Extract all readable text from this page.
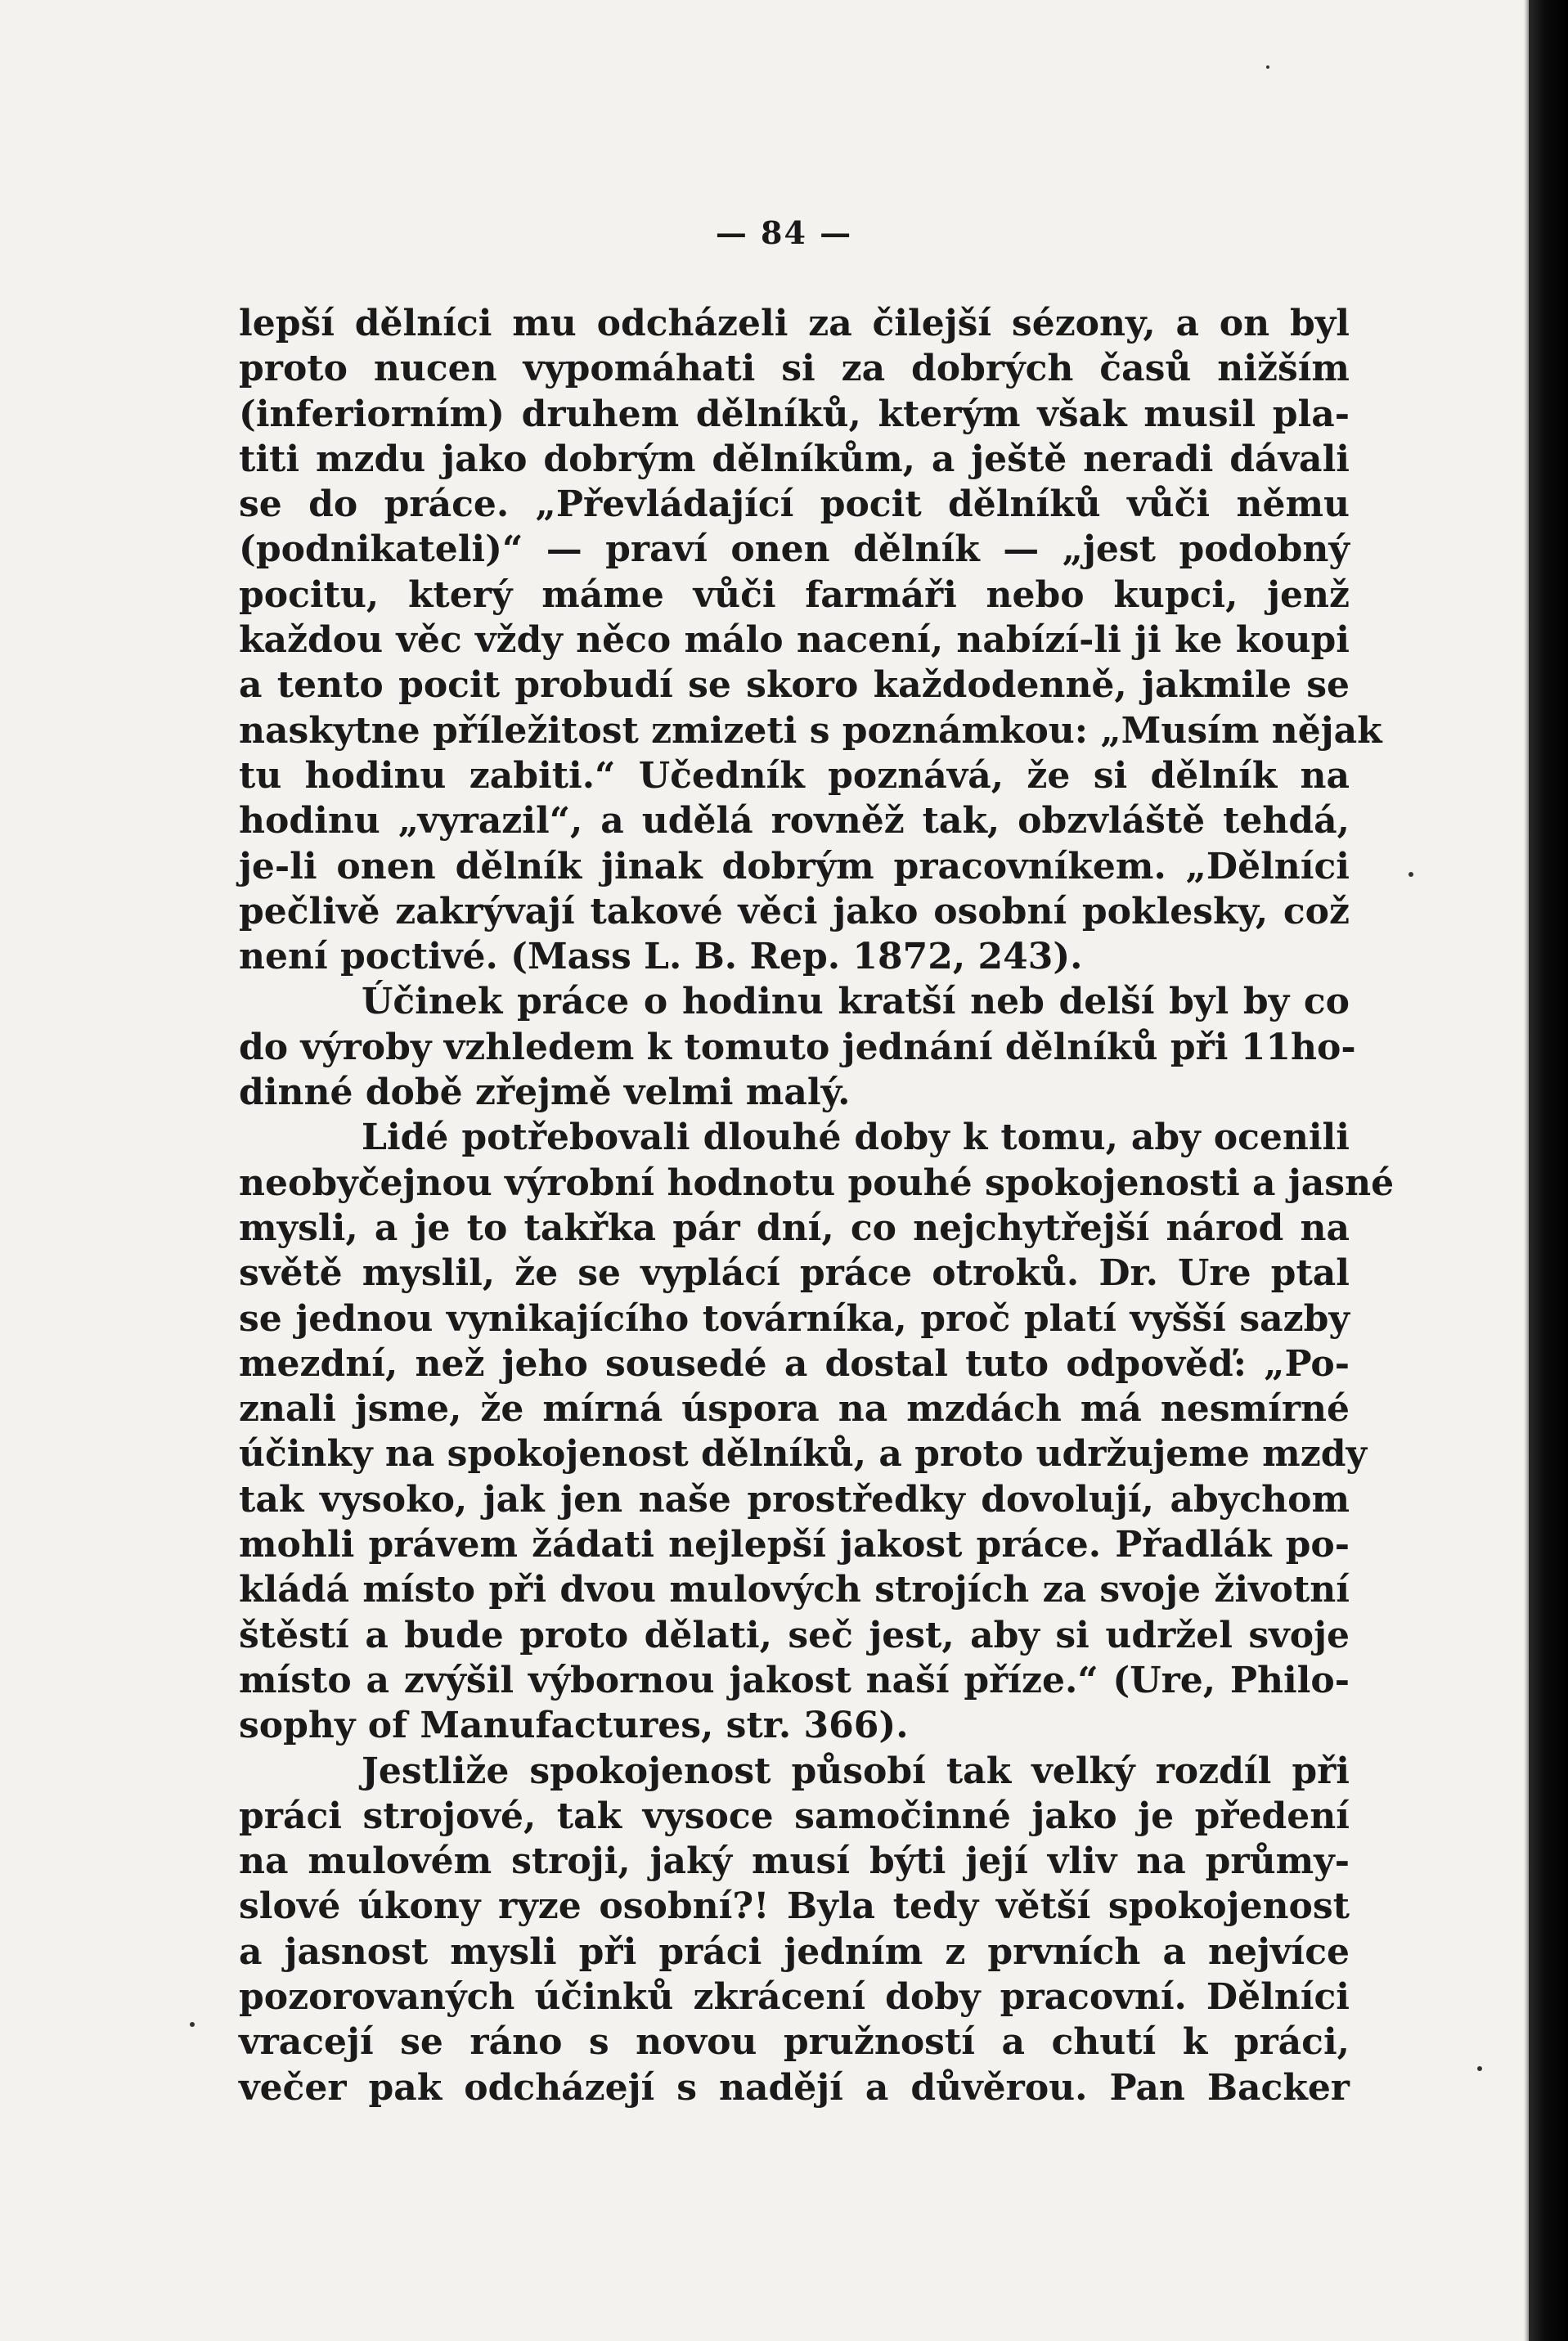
— 84 —
lepší dělníci mu odcházeli za čilejší sézony, a on byl
proto nucen vypomáhati si za dobrých časů nižším
(inferiorním) druhem dělníků, kterým však musil pla-
titi mzdu jako dobrým dělníkům, a ještě neradi dávali
se do práce. „Převládající pocit dělníků vůči němu
(podnikateli)“ — praví onen dělník — „jest podobný
pocitu, který máme vůči farmáři nebo kupci, jenž
každou věc vždy něco málo nacení, nabízí-li ji ke koupi
a tento pocit probudí se skoro každodenně, jakmile se
naskytne příležitost zmizeti s poznámkou: „Musím nějak
tu hodinu zabiti.“ Učedník poznává, že si dělník na
hodinu „vyrazil“, a udělá rovněž tak, obzvláště tehdá,
je-li onen dělník jinak dobrým pracovníkem. „Dělníci
pečlivě zakrývají takové věci jako osobní poklesky, což
není poctivé. (Mass L. B. Rep. 1872, 243).
Účinek práce o hodinu kratší neb delší byl by co
do výroby vzhledem k tomuto jednání dělníků při 11ho-
dinné době zřejmě velmi malý.
Lidé potřebovali dlouhé doby k tomu, aby ocenili
neobyčejnou výrobní hodnotu pouhé spokojenosti a jasné
mysli, a je to takřka pár dní, co nejchytřejší národ na
světě myslil, že se vyplácí práce otroků. Dr. Ure ptal
se jednou vynikajícího továrníka, proč platí vyšší sazby
mezdní, než jeho sousedé a dostal tuto odpověď: „Po-
znali jsme, že mírná úspora na mzdách má nesmírné
účinky na spokojenost dělníků, a proto udržujeme mzdy
tak vysoko, jak jen naše prostředky dovolují, abychom
mohli právem žádati nejlepší jakost práce. Přadlák po-
kládá místo při dvou mulových strojích za svoje životní
štěstí a bude proto dělati, seč jest, aby si udržel svoje
místo a zvýšil výbornou jakost naší příze.“ (Ure, Philo-
sophy of Manufactures, str. 366).
Jestliže spokojenost působí tak velký rozdíl při
práci strojové, tak vysoce samočinné jako je předení
na mulovém stroji, jaký musí býti její vliv na průmy-
slové úkony ryze osobní?! Byla tedy větší spokojenost
a jasnost mysli při práci jedním z prvních a nejvíce
pozorovaných účinků zkrácení doby pracovní. Dělníci
vracejí se ráno s novou pružností a chutí k práci,
večer pak odcházejí s nadějí a důvěrou. Pan Backer
